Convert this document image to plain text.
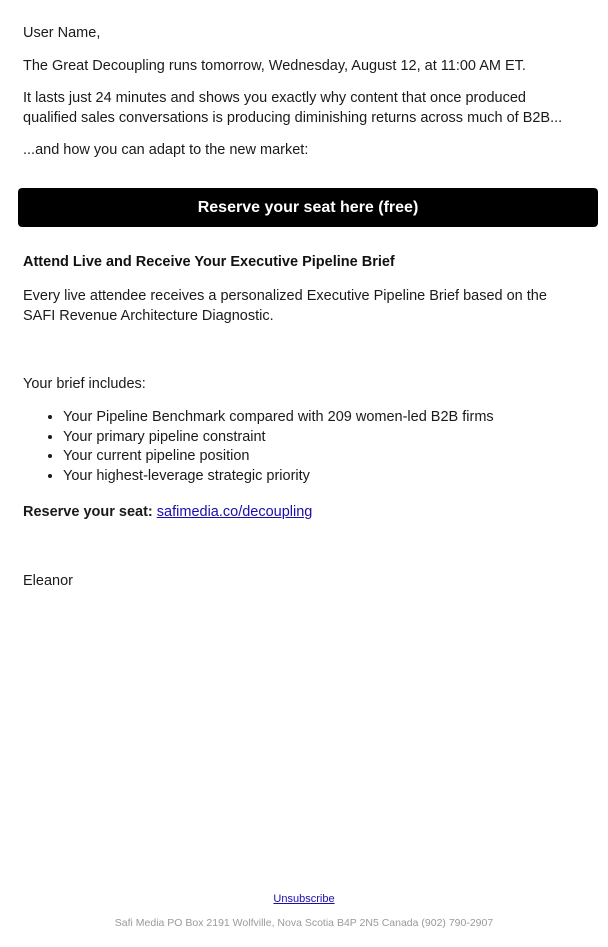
User Name,

The Great Decoupling runs tomorrow, Wednesday, August 12, at 11:00 AM ET.

It lasts just 24 minutes and shows you exactly why content that once produced
qualified sales conversations is producing diminishing returns across much of B2B...

...and how you can adapt to the new market:

Reserve your seat here (free)

Attend Live and Receive Your Executive Pipeline Brief

Every live attendee receives a personalized Executive Pipeline Brief based on the
SAFI Revenue Architecture Diagnostic.

Your brief includes:

• Your Pipeline Benchmark compared with 209 women-led B2B firms
• Your primary pipeline constraint
• Your current pipeline position
• Your highest-leverage strategic priority

Reserve your seat: safimedia.co/decoupling

Eleanor

Unsubscribe
Safi Media PO Box 2191 Wolfville, Nova Scotia B4P 2N5 Canada (902) 790-2907
